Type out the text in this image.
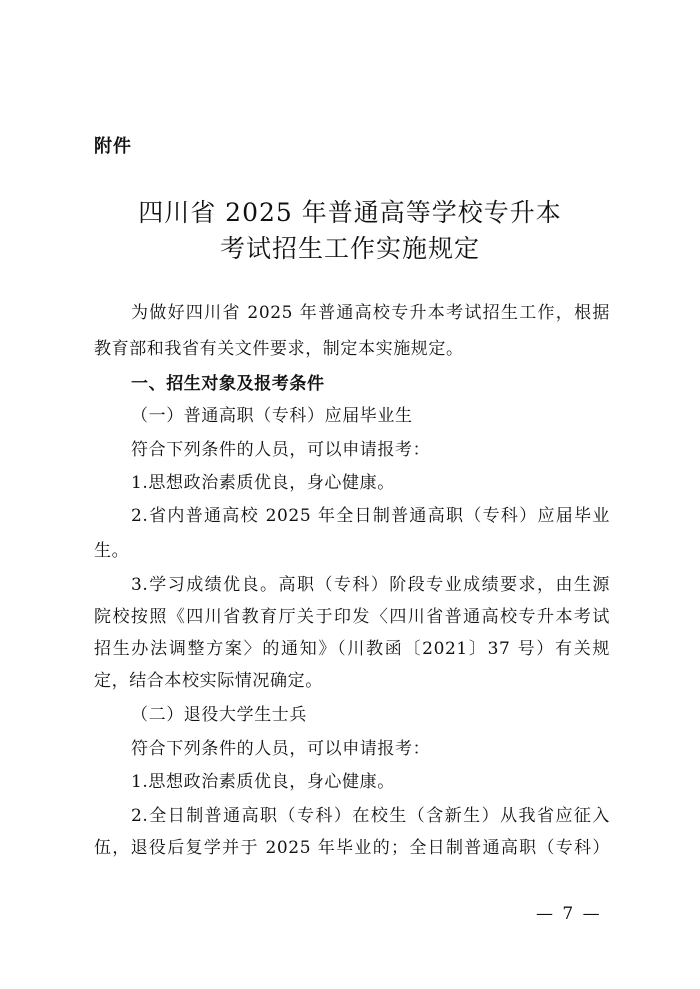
附件
四川省 2025 年普通高等学校专升本
考试招生工作实施规定
为做好四川省 2025 年普通高校专升本考试招生工作，根据
教育部和我省有关文件要求，制定本实施规定。
一、招生对象及报考条件
（一）普通高职（专科）应届毕业生
符合下列条件的人员，可以申请报考：
1.思想政治素质优良，身心健康。
2.省内普通高校 2025 年全日制普通高职（专科）应届毕业
生。
3.学习成绩优良。高职（专科）阶段专业成绩要求，由生源
院校按照《四川省教育厅关于印发〈四川省普通高校专升本考试
招生办法调整方案〉的通知》（川教函〔2021〕37 号）有关规
定，结合本校实际情况确定。
（二）退役大学生士兵
符合下列条件的人员，可以申请报考：
1.思想政治素质优良，身心健康。
2.全日制普通高职（专科）在校生（含新生）从我省应征入
伍，退役后复学并于 2025 年毕业的；全日制普通高职（专科）
— 7 —
